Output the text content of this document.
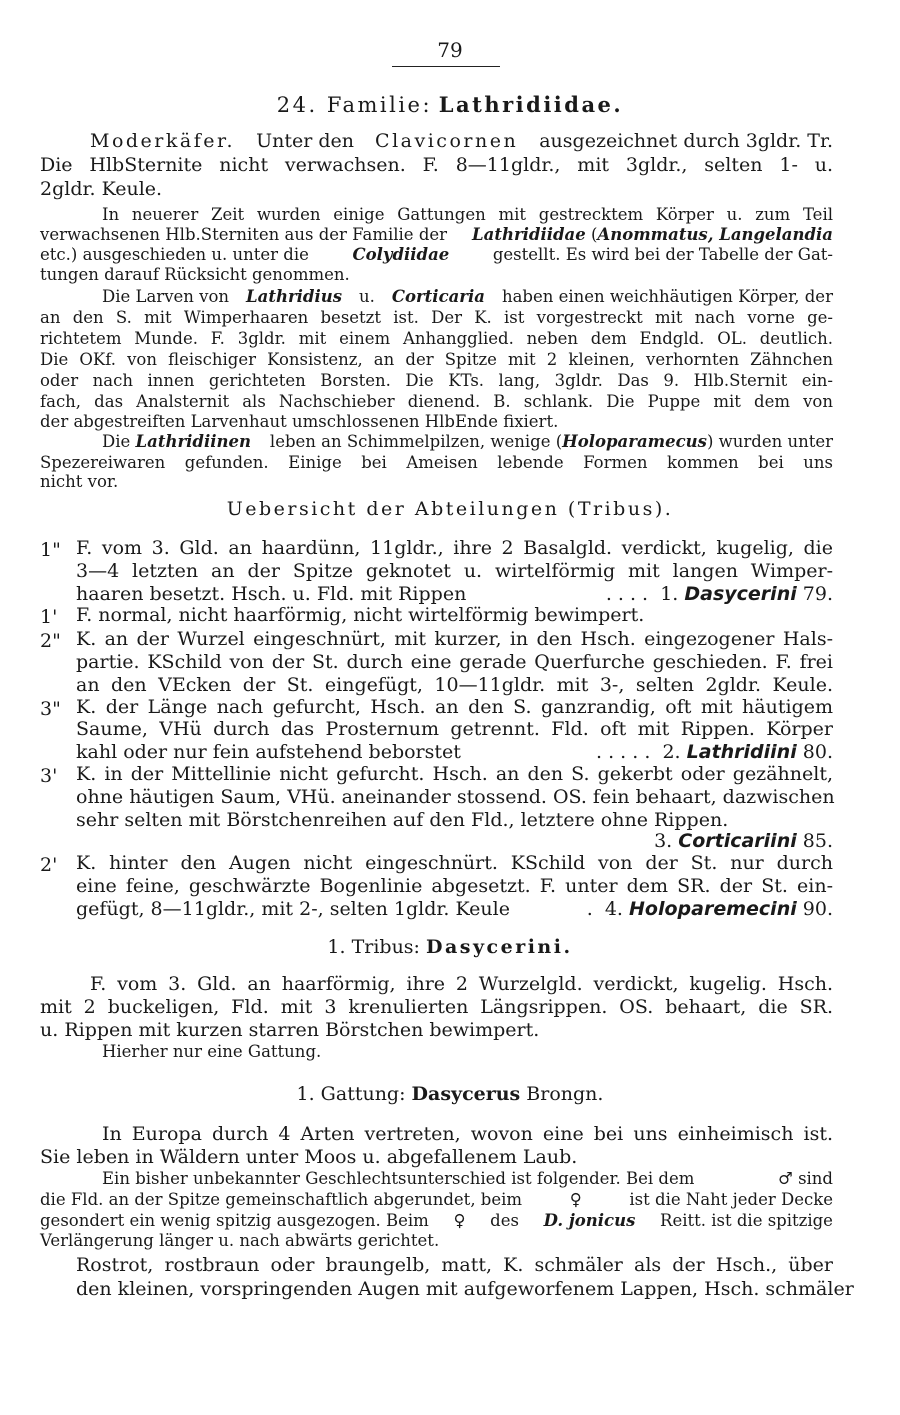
79
24. Familie: Lathridiidae.
Moderkäfer. Unter den Clavicornen ausgezeichnet durch 3gldr. Tr.
Die HlbSternite nicht verwachsen. F. 8—11gldr., mit 3gldr., selten 1- u.
2gldr. Keule.
In neuerer Zeit wurden einige Gattungen mit gestrecktem Körper u. zum Teil
verwachsenen Hlb.Sterniten aus der Familie der Lathridiidae (Anommatus, Langelandia
etc.) ausgeschieden u. unter die	Colydiidae	gestellt. Es wird bei der Tabelle der Gat-
tungen darauf Rücksicht genommen.
Die Larven von Lathridius u. Corticaria haben einen weichhäutigen Körper, der
an den S. mit Wimperhaaren besetzt ist. Der K. ist vorgestreckt mit nach vorne ge-
richtetem Munde. F. 3gldr. mit einem Anhangglied. neben dem Endgld. OL. deutlich.
Die OKf. von fleischiger Konsistenz, an der Spitze mit 2 kleinen, verhornten Zähnchen
oder nach innen gerichteten Borsten. Die KTs. lang, 3gldr. Das 9. Hlb.Sternit ein-
fach, das Analsternit als Nachschieber dienend. B. schlank. Die Puppe mit dem von
der abgestreiften Larvenhaut umschlossenen HlbEnde fixiert.
Die Lathridiinen leben an Schimmelpilzen, wenige (Holoparamecus) wurden unter
Spezereiwaren gefunden. Einige bei Ameisen lebende Formen kommen bei uns
nicht vor.
Uebersicht der Abteilungen (Tribus).
1" F. vom 3. Gld. an haardünn, 11gldr., ihre 2 Basalgld. verdickt, kugelig, die
3—4 letzten an der Spitze geknotet u. wirtelförmig mit langen Wimper-
haaren besetzt. Hsch. u. Fld. mit Rippen	. . . . 1. Dasycerini 79.
1' F. normal, nicht haarförmig, nicht wirtelförmig bewimpert.
2" K. an der Wurzel eingeschnürt, mit kurzer, in den Hsch. eingezogener Hals-
partie. KSchild von der St. durch eine gerade Querfurche geschieden. F. frei
an den VEcken der St. eingefügt, 10—11gldr. mit 3-, selten 2gldr. Keule.
3" K. der Länge nach gefurcht, Hsch. an den S. ganzrandig, oft mit häutigem
Saume, VHü durch das Prosternum getrennt. Fld. oft mit Rippen. Körper
kahl oder nur fein aufstehend beborstet	. . . . . 2. Lathridiini 80.
3' K. in der Mittellinie nicht gefurcht. Hsch. an den S. gekerbt oder gezähnelt,
ohne häutigen Saum, VHü. aneinander stossend. OS. fein behaart, dazwischen
sehr selten mit Börstchenreihen auf den Fld., letztere ohne Rippen.
3. Corticariini 85.
2' K. hinter den Augen nicht eingeschnürt. KSchild von der St. nur durch
eine feine, geschwärzte Bogenlinie abgesetzt. F. unter dem SR. der St. ein-
gefügt, 8—11gldr., mit 2-, selten 1gldr. Keule	. 4. Holoparemecini 90.
1. Tribus: Dasycerini.
F. vom 3. Gld. an haarförmig, ihre 2 Wurzelgld. verdickt, kugelig. Hsch.
mit 2 buckeligen, Fld. mit 3 krenulierten Längsrippen. OS. behaart, die SR.
u. Rippen mit kurzen starren Börstchen bewimpert.
Hierher nur eine Gattung.
1. Gattung: Dasycerus Brongn.
In Europa durch 4 Arten vertreten, wovon eine bei uns einheimisch ist.
Sie leben in Wäldern unter Moos u. abgefallenem Laub.
Ein bisher unbekannter Geschlechtsunterschied ist folgender. Bei dem	♂ sind
die Fld. an der Spitze gemeinschaftlich abgerundet, beim	♀	ist die Naht jeder Decke
gesondert ein wenig spitzig ausgezogen. Beim ♀ des D. jonicus Reitt. ist die spitzige
Verlängerung länger u. nach abwärts gerichtet.
Rostrot, rostbraun oder braungelb, matt, K. schmäler als der Hsch., über
den kleinen, vorspringenden Augen mit aufgeworfenem Lappen, Hsch. schmäler
